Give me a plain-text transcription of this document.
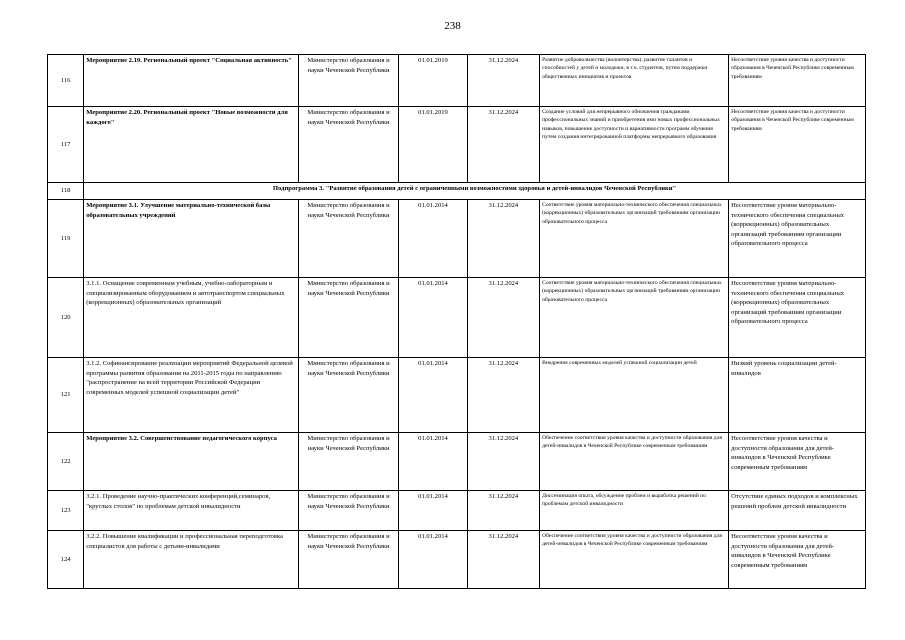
238
116	Мероприятие 2.19. Региональный проект "Социальная активность"	Министерство образования и науки Чеченской Республики	01.01.2019	31.12.2024	Развитие добровольчества (волонтерства), развитие талантов и способностей у детей и молодежи, в т.ч. студентов, путем поддержки общественных инициатив и проектов	Несоответствие уровня качества и доступности образования в Чеченской Республике современным требованиям
117	Мероприятие 2.20. Региональный проект "Новые возможности для каждого"	Министерство образования и науки Чеченской Республики	01.01.2019	31.12.2024	Создание условий для непрерывного обновления гражданами профессиональных знаний и приобретения ими новых профессиональных навыков, повышение доступности и вариативности программ обучения путем создания интегрированной платформы непрерывного образования	Несоответствие уровня качества и доступности образования в Чеченской Республике современным требованиям
118	Подпрограмма 3. "Развитие образования детей с ограниченными возможностями здоровья и детей-инвалидов Чеченской Республики"					
119	Мероприятие 3.1. Улучшение материально-технической базы образовательных учреждений	Министерство образования и науки Чеченской Республики	01.01.2014	31.12.2024	Соответствие уровня материально-технического обеспечения специальных (коррекционных) образовательных организаций требованиям организации образовательного процесса	Несоответствие уровня материально-технического обеспечения специальных (коррекционных) образовательных организаций требованиям организации образовательного процесса
120	3.1.1. Оснащение современным учебным, учебно-лабораторным и специализированным оборудованием и автотранспортом специальных (коррекционных) образовательных организаций	Министерство образования и науки Чеченской Республики	01.01.2014	31.12.2024	Соответствие уровня материально-технического обеспечения специальных (коррекционных) образовательных организаций требованиям организации образовательного процесса	Несоответствие уровня материально-технического обеспечения специальных (коррекционных) образовательных организаций требованиям организации образовательного процесса
121	3.1.2. Софинансирование реализации мероприятий Федеральной целевой программы развития образования на 2011-2015 годы по направлению "распространение на всей территории Российской Федерации современных моделей успешной социализации детей"	Министерство образования и науки Чеченской Республики	01.01.2014	31.12.2024	Внедрение современных моделей успешной социализации детей	Низкий уровень социализации детей-инвалидов
122	Мероприятие 3.2. Совершенствование педагогического корпуса	Министерство образования и науки Чеченской Республики	01.01.2014	31.12.2024	Обеспечение соответствия уровня качества и доступности образования для детей-инвалидов в Чеченской Республике современным требованиям	Несоответствие уровня качества и доступности образования для детей-инвалидов в Чеченской Республике современным требованиям
123	3.2.1. Проведение научно-практических конференций,семинаров, "круглых столов" по проблемам детской инвалидности	Министерство образования и науки Чеченской Республики	01.01.2014	31.12.2024	Диссеминация опыта, обсуждение проблем и выработка решений по проблемам детской инвалидности	Отсутствие единых подходов и комплексных решений проблем детской инвалидности
124	3.2.2. Повышение квалификации и профессиональная переподготовка специалистов для работы с детьми-инвалидами	Министерство образования и науки Чеченской Республики	01.01.2014	31.12.2024	Обеспечение соответствия уровня качества и доступности образования для детей-инвалидов в Чеченской Республике современным требованиям	Несоответствие уровня качества и доступности образования для детей-инвалидов в Чеченской Республике современным требованиям
